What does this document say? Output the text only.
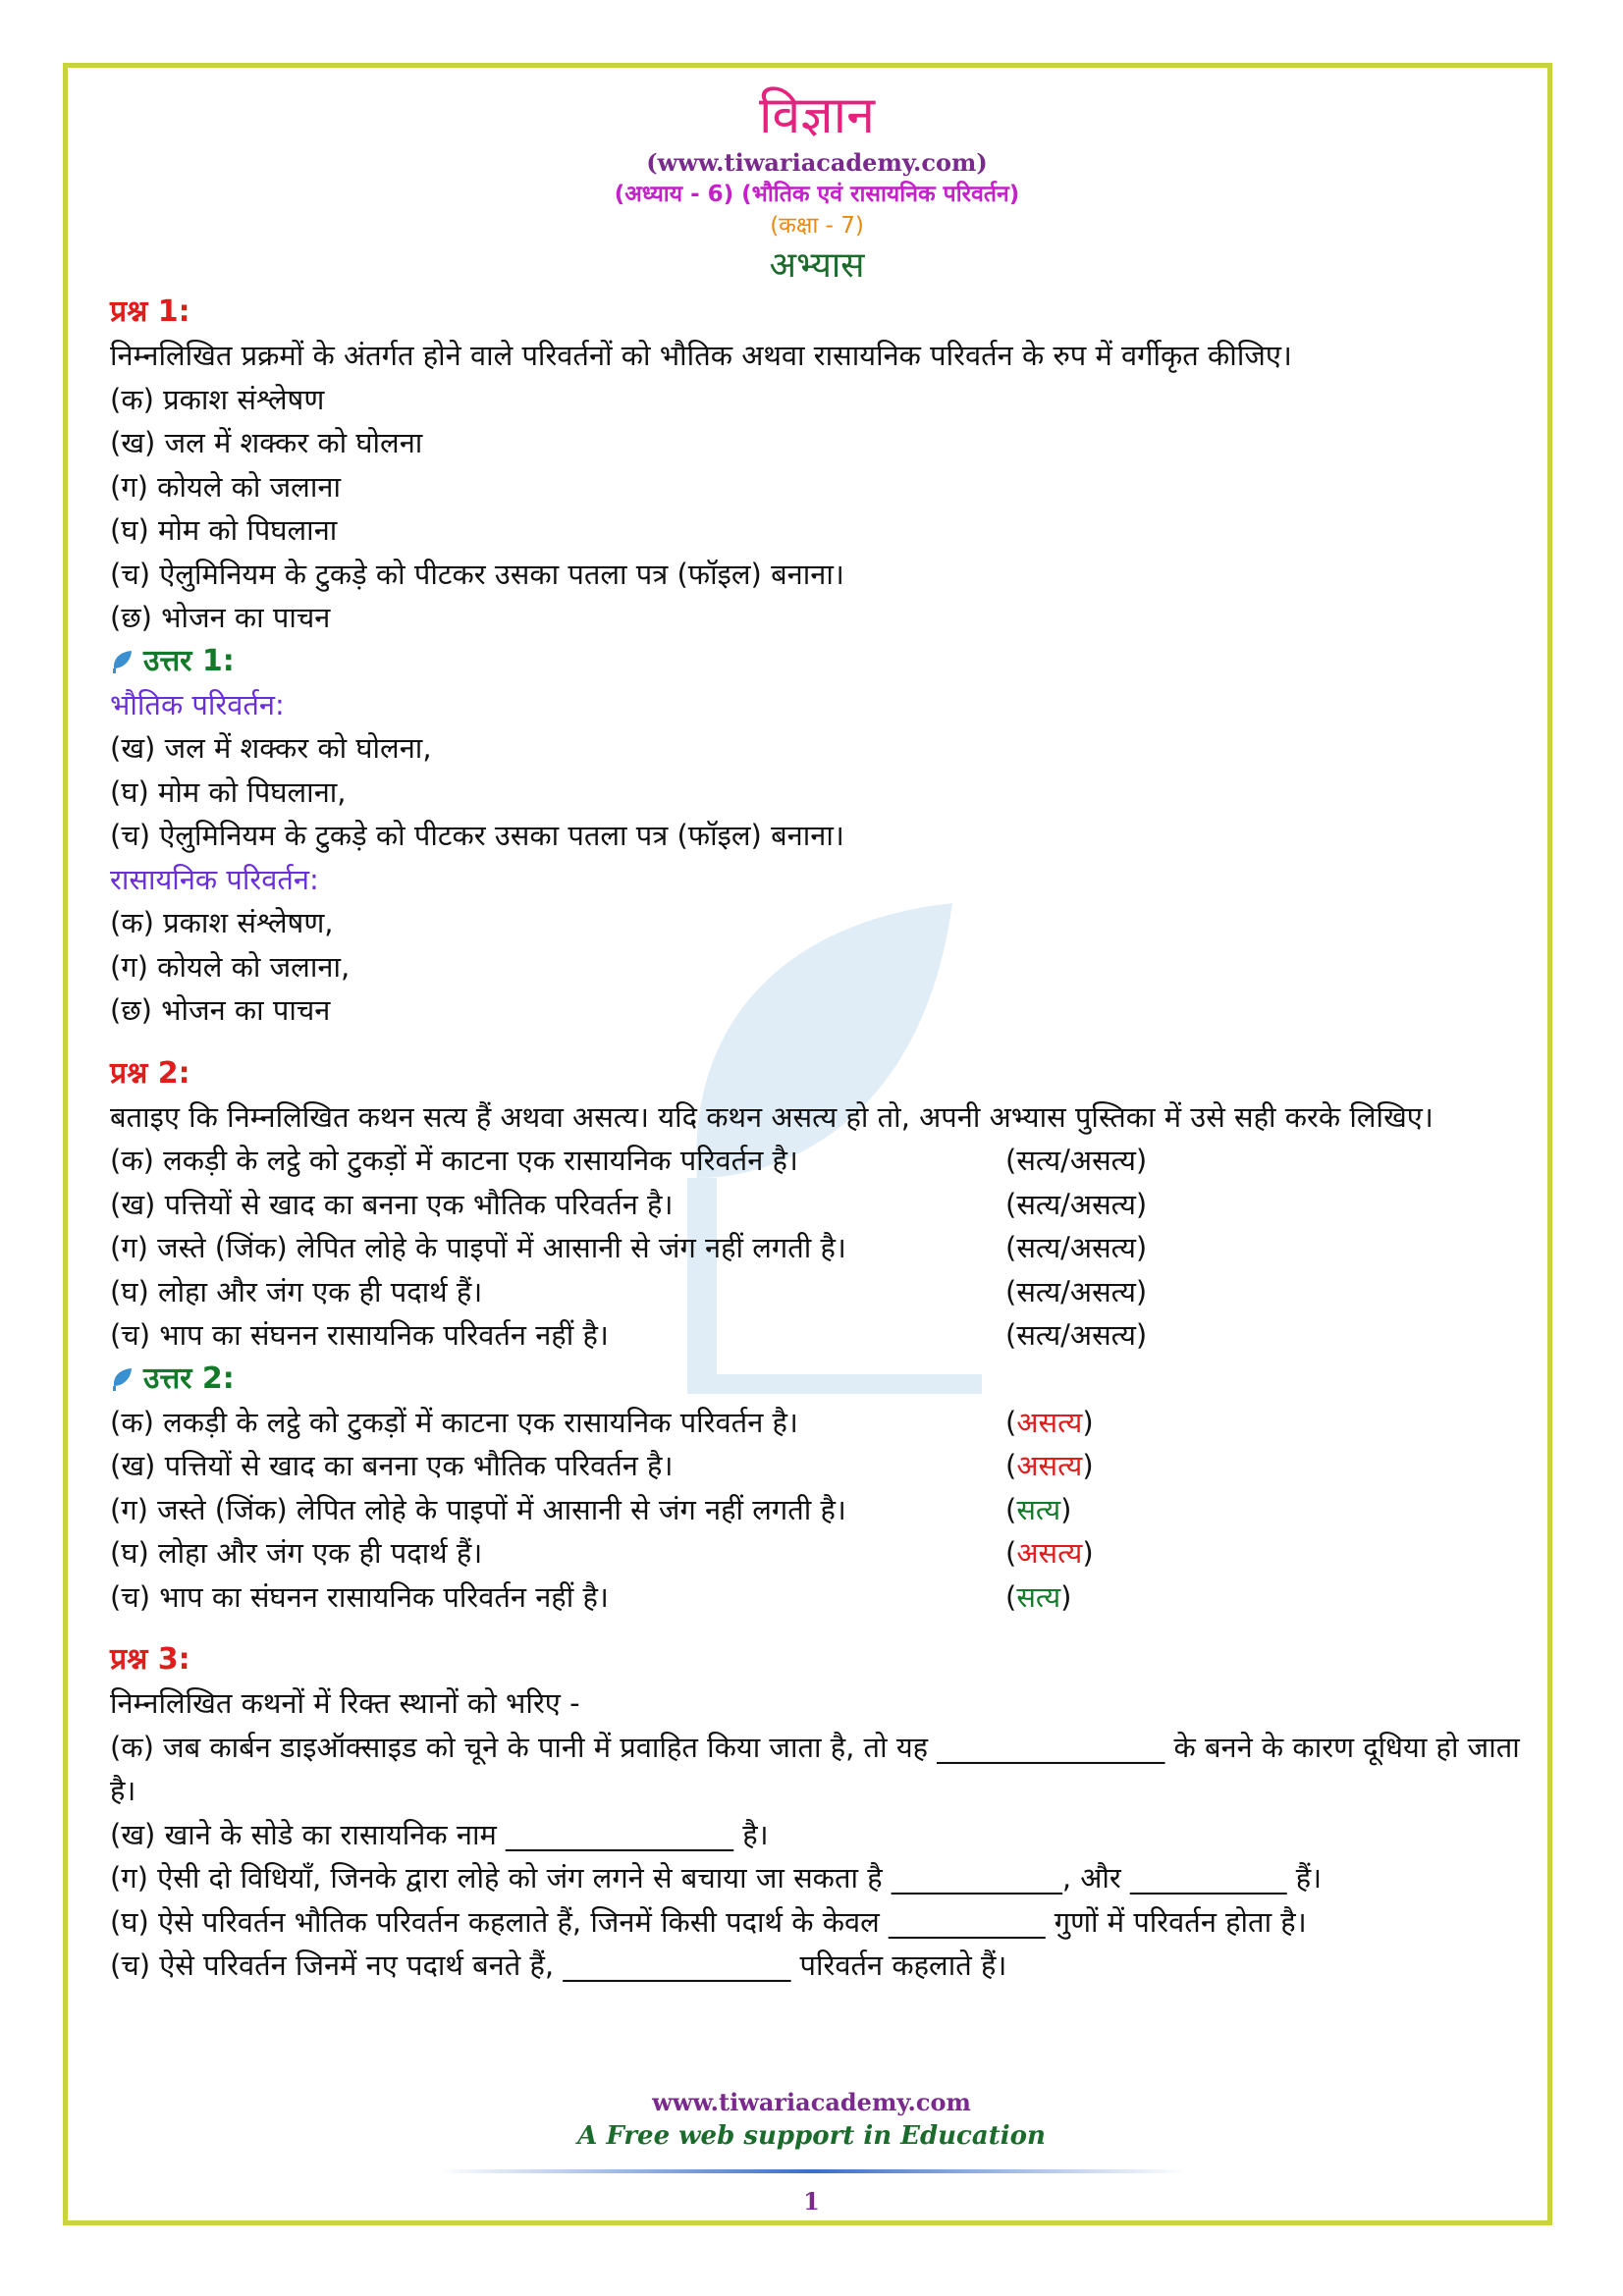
विज्ञान
(www.tiwariacademy.com)
(अध्याय - 6) (भौतिक एवं रासायनिक परिवर्तन)
(कक्षा - 7)
अभ्यास
प्रश्न 1:
निम्नलिखित प्रक्रमों के अंतर्गत होने वाले परिवर्तनों को भौतिक अथवा रासायनिक परिवर्तन के रुप में वर्गीकृत कीजिए।
(क) प्रकाश संश्लेषण
(ख) जल में शक्कर को घोलना
(ग) कोयले को जलाना
(घ) मोम को पिघलाना
(च) ऐलुमिनियम के टुकड़े को पीटकर उसका पतला पत्र (फॉइल) बनाना।
(छ) भोजन का पाचन
उत्तर 1:
भौतिक परिवर्तन:
(ख) जल में शक्कर को घोलना,
(घ) मोम को पिघलाना,
(च) ऐलुमिनियम के टुकड़े को पीटकर उसका पतला पत्र (फॉइल) बनाना।
रासायनिक परिवर्तन:
(क) प्रकाश संश्लेषण,
(ग) कोयले को जलाना,
(छ) भोजन का पाचन
प्रश्न 2:
बताइए कि निम्नलिखित कथन सत्य हैं अथवा असत्य। यदि कथन असत्य हो तो, अपनी अभ्यास पुस्तिका में उसे सही करके लिखिए।
(क) लकड़ी के लट्ठे को टुकड़ों में काटना एक रासायनिक परिवर्तन है।	(सत्य/असत्य)
(ख) पत्तियों से खाद का बनना एक भौतिक परिवर्तन है।	(सत्य/असत्य)
(ग) जस्ते (जिंक) लेपित लोहे के पाइपों में आसानी से जंग नहीं लगती है।	(सत्य/असत्य)
(घ) लोहा और जंग एक ही पदार्थ हैं।	(सत्य/असत्य)
(च) भाप का संघनन रासायनिक परिवर्तन नहीं है।	(सत्य/असत्य)
उत्तर 2:
(क) लकड़ी के लट्ठे को टुकड़ों में काटना एक रासायनिक परिवर्तन है।	(असत्य)
(ख) पत्तियों से खाद का बनना एक भौतिक परिवर्तन है।	(असत्य)
(ग) जस्ते (जिंक) लेपित लोहे के पाइपों में आसानी से जंग नहीं लगती है।	(सत्य)
(घ) लोहा और जंग एक ही पदार्थ हैं।	(असत्य)
(च) भाप का संघनन रासायनिक परिवर्तन नहीं है।	(सत्य)
प्रश्न 3:
निम्नलिखित कथनों में रिक्त स्थानों को भरिए -
(क) जब कार्बन डाइऑक्साइड को चूने के पानी में प्रवाहित किया जाता है, तो यह ________________ के बनने के कारण दूधिया हो जाता है।
(ख) खाने के सोडे का रासायनिक नाम ________________ है।
(ग) ऐसी दो विधियाँ, जिनके द्वारा लोहे को जंग लगने से बचाया जा सकता है ____________, और ___________ हैं।
(घ) ऐसे परिवर्तन भौतिक परिवर्तन कहलाते हैं, जिनमें किसी पदार्थ के केवल ___________ गुणों में परिवर्तन होता है।
(च) ऐसे परिवर्तन जिनमें नए पदार्थ बनते हैं, ________________ परिवर्तन कहलाते हैं।
www.tiwariacademy.com
A Free web support in Education
1
